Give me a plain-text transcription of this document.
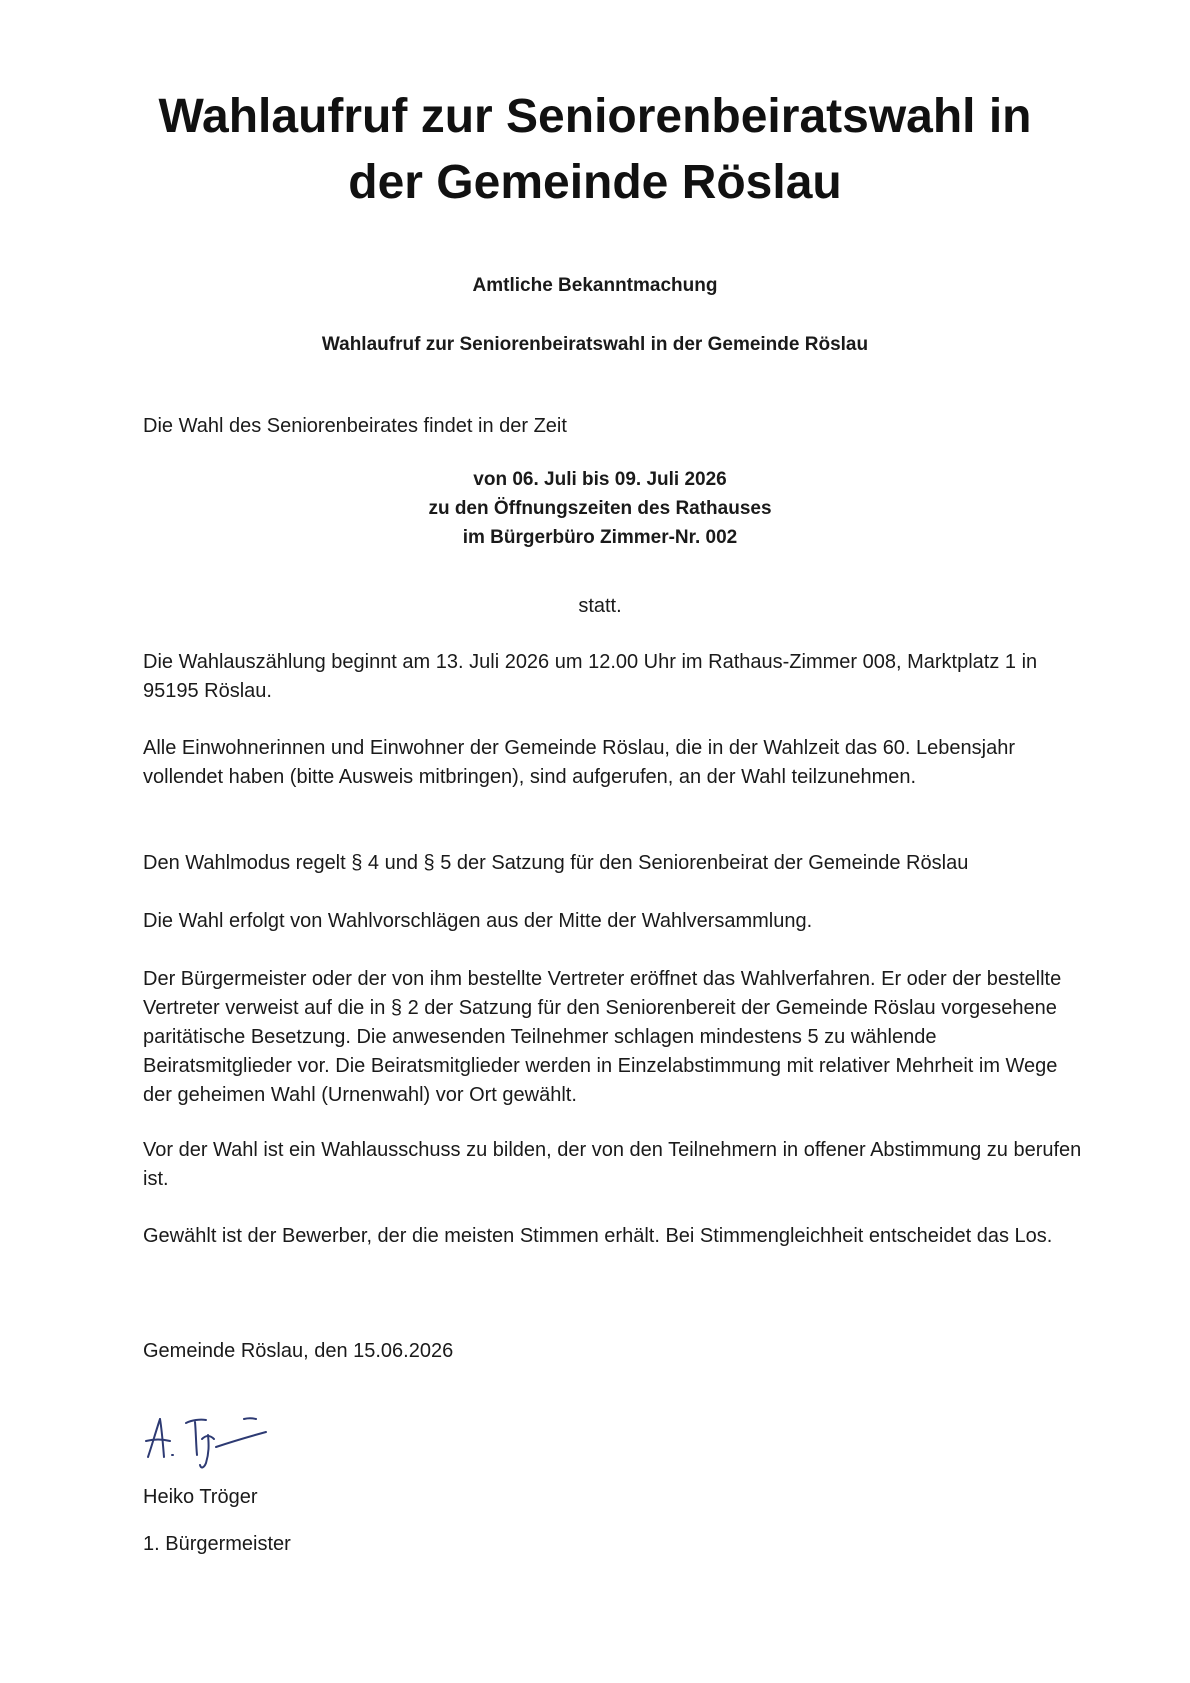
Wahlaufruf zur Seniorenbeiratswahl in der Gemeinde Röslau

Amtliche Bekanntmachung

Wahlaufruf zur Seniorenbeiratswahl in der Gemeinde Röslau

Die Wahl des Seniorenbeirates findet in der Zeit

von 06. Juli bis 09. Juli 2026
zu den Öffnungszeiten des Rathauses
im Bürgerbüro Zimmer-Nr. 002

statt.

Die Wahlauszählung beginnt am 13. Juli 2026 um 12.00 Uhr im Rathaus-Zimmer 008, Marktplatz 1 in 95195 Röslau.

Alle Einwohnerinnen und Einwohner der Gemeinde Röslau, die in der Wahlzeit das 60. Lebensjahr vollendet haben (bitte Ausweis mitbringen), sind aufgerufen, an der Wahl teilzunehmen.

Den Wahlmodus regelt § 4 und § 5 der Satzung für den Seniorenbeirat der Gemeinde Röslau

Die Wahl erfolgt von Wahlvorschlägen aus der Mitte der Wahlversammlung.

Der Bürgermeister oder der von ihm bestellte Vertreter eröffnet das Wahlverfahren. Er oder der bestellte Vertreter verweist auf die in § 2 der Satzung für den Seniorenbereit der Gemeinde Röslau vorgesehene paritätische Besetzung. Die anwesenden Teilnehmer schlagen mindestens 5 zu wählende Beiratsmitglieder vor. Die Beiratsmitglieder werden in Einzelabstimmung mit relativer Mehrheit im Wege der geheimen Wahl (Urnenwahl) vor Ort gewählt.

Vor der Wahl ist ein Wahlausschuss zu bilden, der von den Teilnehmern in offener Abstimmung zu berufen ist.

Gewählt ist der Bewerber, der die meisten Stimmen erhält. Bei Stimmengleichheit entscheidet das Los.

Gemeinde Röslau, den 15.06.2026

Heiko Tröger

1. Bürgermeister
